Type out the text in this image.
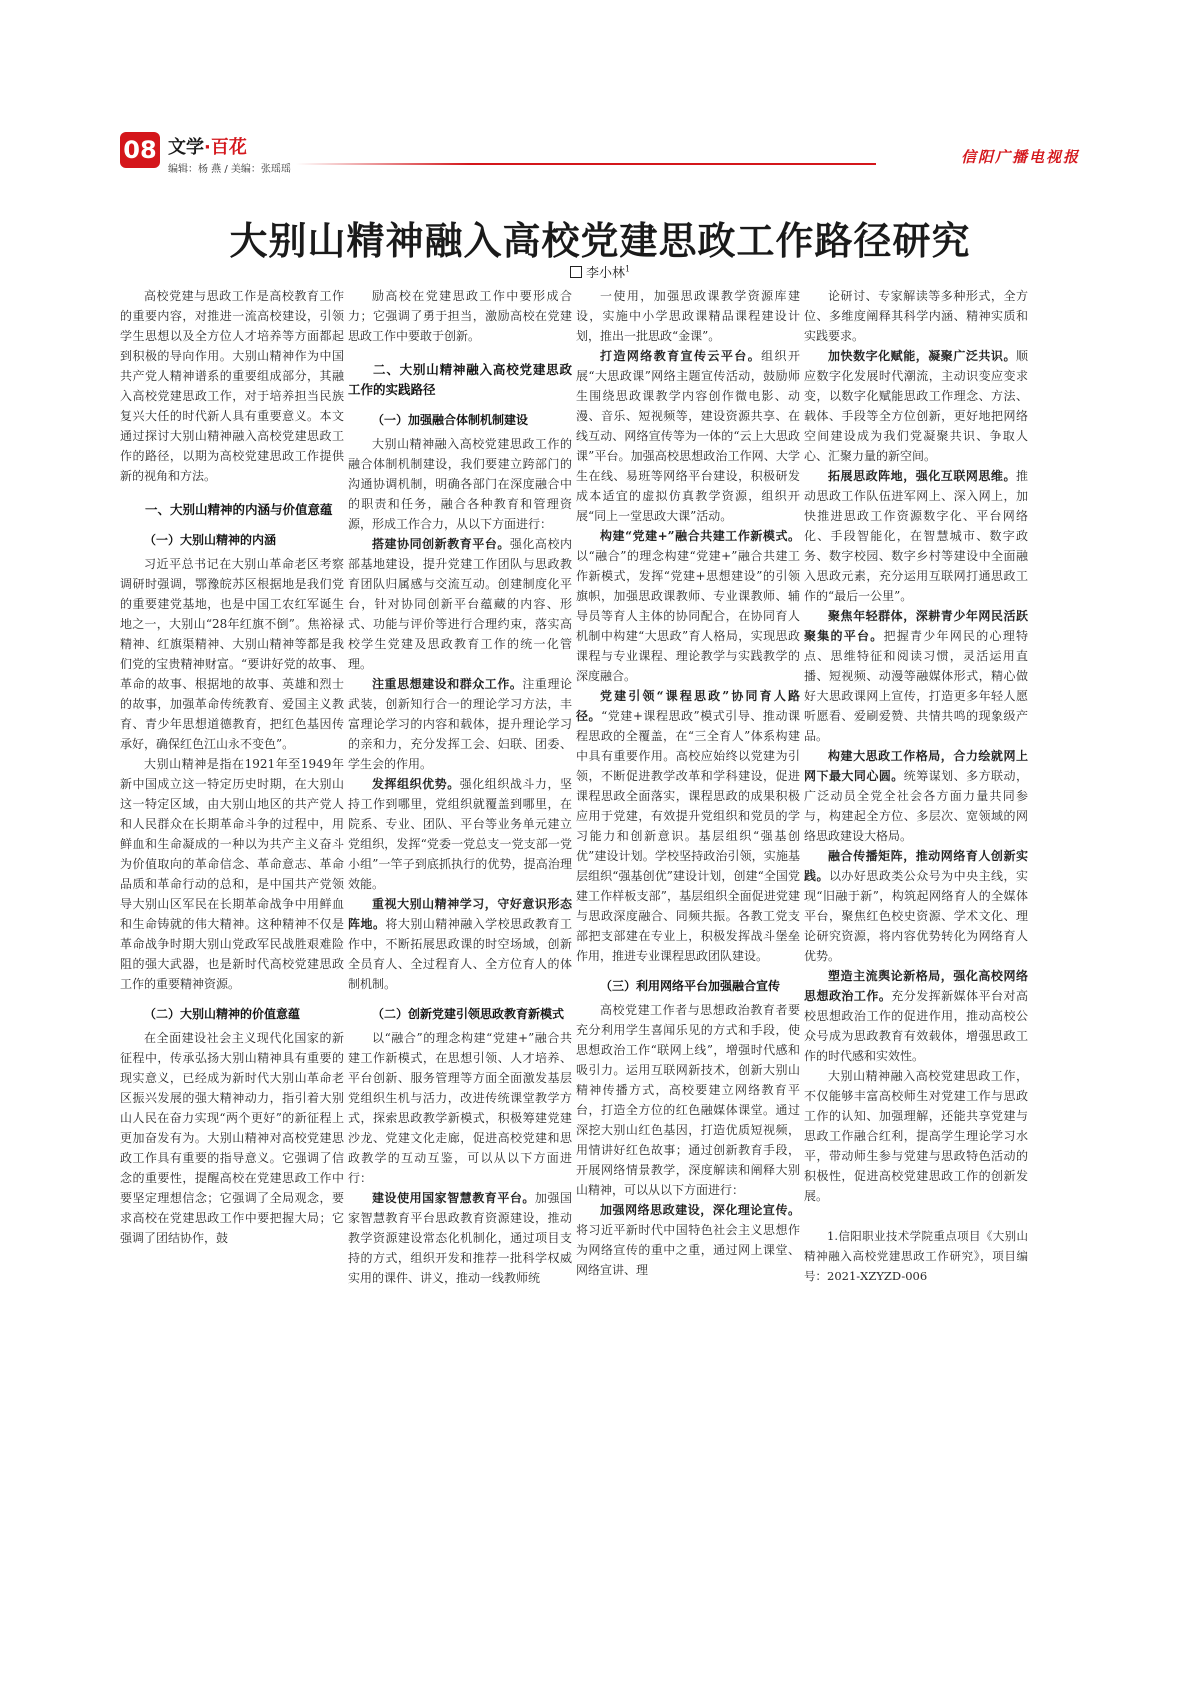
08 文学·百花
编辑：杨 燕 / 美编：张瑶瑶
信阳广播电视报
大别山精神融入高校党建思政工作路径研究
李小林$^1$

高校党建与思政工作是高校教育工作的重要内容，对推进一流高校建设，引领学生思想以及全方位人才培养等方面都起到积极的导向作用。大别山精神作为中国共产党人精神谱系的重要组成部分，其融入高校党建思政工作，对于培养担当民族复兴大任的时代新人具有重要意义。本文通过探讨大别山精神融入高校党建思政工作的路径，以期为高校党建思政工作提供新的视角和方法。

一、大别山精神的内涵与价值意蕴
（一）大别山精神的内涵

习近平总书记在大别山革命老区考察调研时强调，鄂豫皖苏区根据地是我们党的重要建党基地，也是中国工农红军诞生地之一，大别山“28年红旗不倒”。焦裕禄精神、红旗渠精神、大别山精神等都是我们党的宝贵精神财富。“要讲好党的故事、革命的故事、根据地的故事、英雄和烈士的故事，加强革命传统教育、爱国主义教育、青少年思想道德教育，把红色基因传承好，确保红色江山永不变色”。

大别山精神是指在1921年至1949年新中国成立这一特定历史时期，在大别山这一特定区域，由大别山地区的共产党人和人民群众在长期革命斗争的过程中，用鲜血和生命凝成的一种以为共产主义奋斗为价值取向的革命信念、革命意志、革命品质和革命行动的总和，是中国共产党领导大别山区军民在长期革命战争中用鲜血和生命铸就的伟大精神。这种精神不仅是革命战争时期大别山党政军民战胜艰难险阻的强大武器，也是新时代高校党建思政工作的重要精神资源。

（二）大别山精神的价值意蕴

在全面建设社会主义现代化国家的新征程中，传承弘扬大别山精神具有重要的现实意义，已经成为新时代大别山革命老区振兴发展的强大精神动力，指引着大别山人民在奋力实现“两个更好”的新征程上更加奋发有为。大别山精神对高校党建思政工作具有重要的指导意义。它强调了信念的重要性，提醒高校在党建思政工作中要坚定理想信念；它强调了全局观念，要求高校在党建思政工作中要把握大局；它强调了团结协作，鼓

励高校在党建思政工作中要形成合力；它强调了勇于担当，激励高校在党建思政工作中要敢于创新。

二、大别山精神融入高校党建思政工作的实践路径
（一）加强融合体制机制建设

大别山精神融入高校党建思政工作的融合体制机制建设，我们要建立跨部门的沟通协调机制，明确各部门在深度融合中的职责和任务，融合各种教育和管理资源，形成工作合力，从以下方面进行：

搭建协同创新教育平台。强化高校内部基地建设，提升党建工作团队与思政教育团队归属感与交流互动。创建制度化平台，针对协同创新平台蕴藏的内容、形式、功能与评价等进行合理约束，落实高校学生党建及思政教育工作的统一化管理。

注重思想建设和群众工作。注重理论武装，创新知行合一的理论学习方法，丰富理论学习的内容和载体，提升理论学习的亲和力，充分发挥工会、妇联、团委、学生会的作用。

发挥组织优势。强化组织战斗力，坚持工作到哪里，党组织就覆盖到哪里，在院系、专业、团队、平台等业务单元建立党组织，发挥“党委一党总支一党支部一党小组”一竿子到底抓执行的优势，提高治理效能。

重视大别山精神学习，守好意识形态阵地。将大别山精神融入学校思政教育工作中，不断拓展思政课的时空场域，创新全员育人、全过程育人、全方位育人的体制机制。

（二）创新党建引领思政教育新模式

以“融合”的理念构建“党建+”融合共建工作新模式，在思想引领、人才培养、平台创新、服务管理等方面全面激发基层党组织生机与活力，改进传统课堂教学方式，探索思政教学新模式，积极筹建党建沙龙、党建文化走廊，促进高校党建和思政教学的互动互鉴，可以从以下方面进行：

建设使用国家智慧教育平台。加强国家智慧教育平台思政教育资源建设，推动教学资源建设常态化机制化，通过项目支持的方式，组织开发和推荐一批科学权威实用的课件、讲义，推动一线教师统

一使用，加强思政课教学资源库建设，实施中小学思政课精品课程建设计划，推出一批思政“金课”。

打造网络教育宣传云平台。组织开展“大思政课”网络主题宣传活动，鼓励师生围绕思政课教学内容创作微电影、动漫、音乐、短视频等，建设资源共享、在线互动、网络宣传等为一体的“云上大思政课”平台。加强高校思想政治工作网、大学生在线、易班等网络平台建设，积极研发成本适宜的虚拟仿真教学资源，组织开展“同上一堂思政大课”活动。

构建“党建+”融合共建工作新模式。以“融合”的理念构建“党建+”融合共建工作新模式，发挥“党建+思想建设”的引领旗帜，加强思政课教师、专业课教师、辅导员等育人主体的协同配合，在协同育人机制中构建“大思政”育人格局，实现思政课程与专业课程、理论教学与实践教学的深度融合。

党建引领“课程思政”协同育人路径。“党建+课程思政”模式引导、推动课程思政的全覆盖，在“三全育人”体系构建中具有重要作用。高校应始终以党建为引领，不断促进教学改革和学科建设，促进课程思政全面落实，课程思政的成果积极应用于党建，有效提升党组织和党员的学习能力和创新意识。基层组织“强基创优”建设计划。学校坚持政治引领，实施基层组织“强基创优”建设计划，创建“全国党建工作样板支部”，基层组织全面促进党建与思政深度融合、同频共振。各教工党支部把支部建在专业上，积极发挥战斗堡垒作用，推进专业课程思政团队建设。

（三）利用网络平台加强融合宣传

高校党建工作者与思想政治教育者要充分利用学生喜闻乐见的方式和手段，使思想政治工作“联网上线”，增强时代感和吸引力。运用互联网新技术，创新大别山精神传播方式，高校要建立网络教育平台，打造全方位的红色融媒体课堂。通过深挖大别山红色基因，打造优质短视频，用情讲好红色故事；通过创新教育手段，开展网络情景教学，深度解读和阐释大别山精神，可以从以下方面进行：

加强网络思政建设，深化理论宣传。将习近平新时代中国特色社会主义思想作为网络宣传的重中之重，通过网上课堂、网络宣讲、理

论研讨、专家解读等多种形式，全方位、多维度阐释其科学内涵、精神实质和实践要求。

加快数字化赋能，凝聚广泛共识。顺应数字化发展时代潮流，主动识变应变求变，以数字化赋能思政工作理念、方法、载体、手段等全方位创新，更好地把网络空间建设成为我们党凝聚共识、争取人心、汇聚力量的新空间。

拓展思政阵地，强化互联网思维。推动思政工作队伍进军网上、深入网上，加快推进思政工作资源数字化、平台网络化、手段智能化，在智慧城市、数字政务、数字校园、数字乡村等建设中全面融入思政元素，充分运用互联网打通思政工作的“最后一公里”。

聚焦年轻群体，深耕青少年网民活跃聚集的平台。把握青少年网民的心理特点、思维特征和阅读习惯，灵活运用直播、短视频、动漫等融媒体形式，精心做好大思政课网上宣传，打造更多年轻人愿听愿看、爱刷爱赞、共情共鸣的现象级产品。

构建大思政工作格局，合力绘就网上网下最大同心圆。统筹谋划、多方联动，广泛动员全党全社会各方面力量共同参与，构建起全方位、多层次、宽领域的网络思政建设大格局。

融合传播矩阵，推动网络育人创新实践。以办好思政类公众号为中央主线，实现“旧融于新”，构筑起网络育人的全媒体平台，聚焦红色校史资源、学术文化、理论研究资源，将内容优势转化为网络育人优势。

塑造主流舆论新格局，强化高校网络思想政治工作。充分发挥新媒体平台对高校思想政治工作的促进作用，推动高校公众号成为思政教育有效载体，增强思政工作的时代感和实效性。

大别山精神融入高校党建思政工作，不仅能够丰富高校师生对党建工作与思政工作的认知、加强理解，还能共享党建与思政工作融合红利，提高学生理论学习水平，带动师生参与党建与思政特色活动的积极性，促进高校党建思政工作的创新发展。

1.信阳职业技术学院重点项目《大别山精神融入高校党建思政工作研究》，项目编号：2021-XZYZD-006
